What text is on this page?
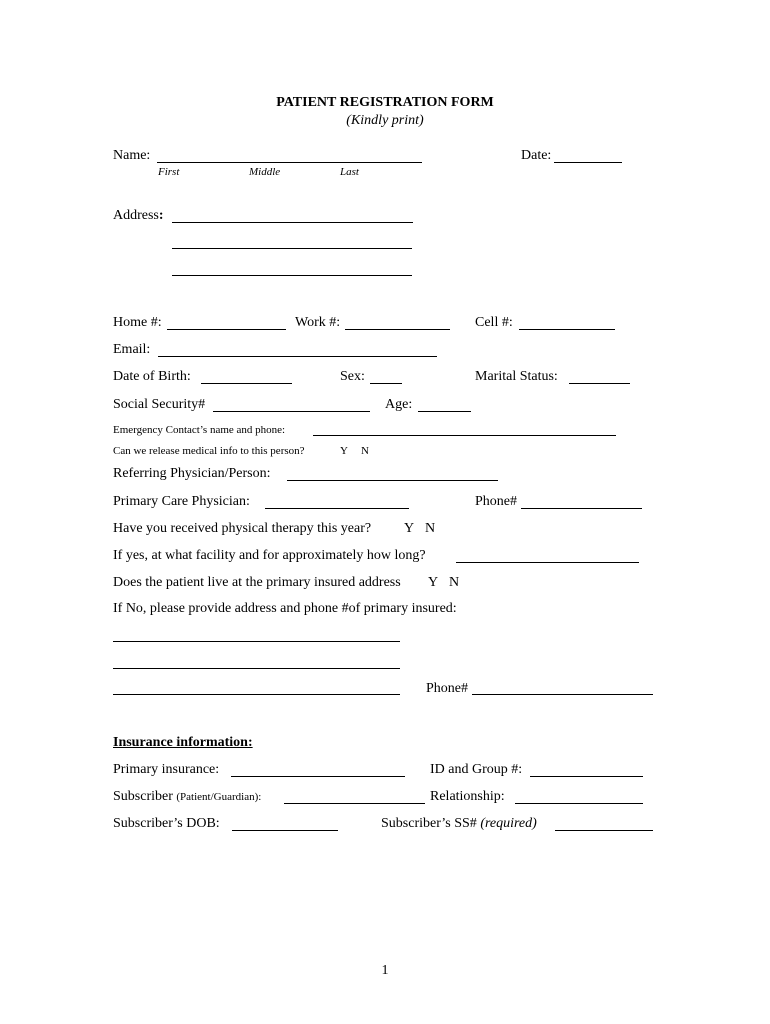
PATIENT REGISTRATION FORM
(Kindly print)
Name:
First	Middle	Last
Date:
Address:
Home #:	Work #:	Cell #:
Email:
Date of Birth:	Sex:	Marital Status:
Social Security#	Age:
Emergency Contact’s name and phone:
Can we release medical info to this person?	Y N
Referring Physician/Person:
Primary Care Physician:	Phone#
Have you received physical therapy this year? Y N
If yes, at what facility and for approximately how long?
Does the patient live at the primary insured address Y N
If No, please provide address and phone #of primary insured:
Phone#
Insurance information:
Primary insurance:	ID and Group #:
Subscriber (Patient/Guardian):	Relationship:
Subscriber’s DOB:	Subscriber’s SS# (required)
1
